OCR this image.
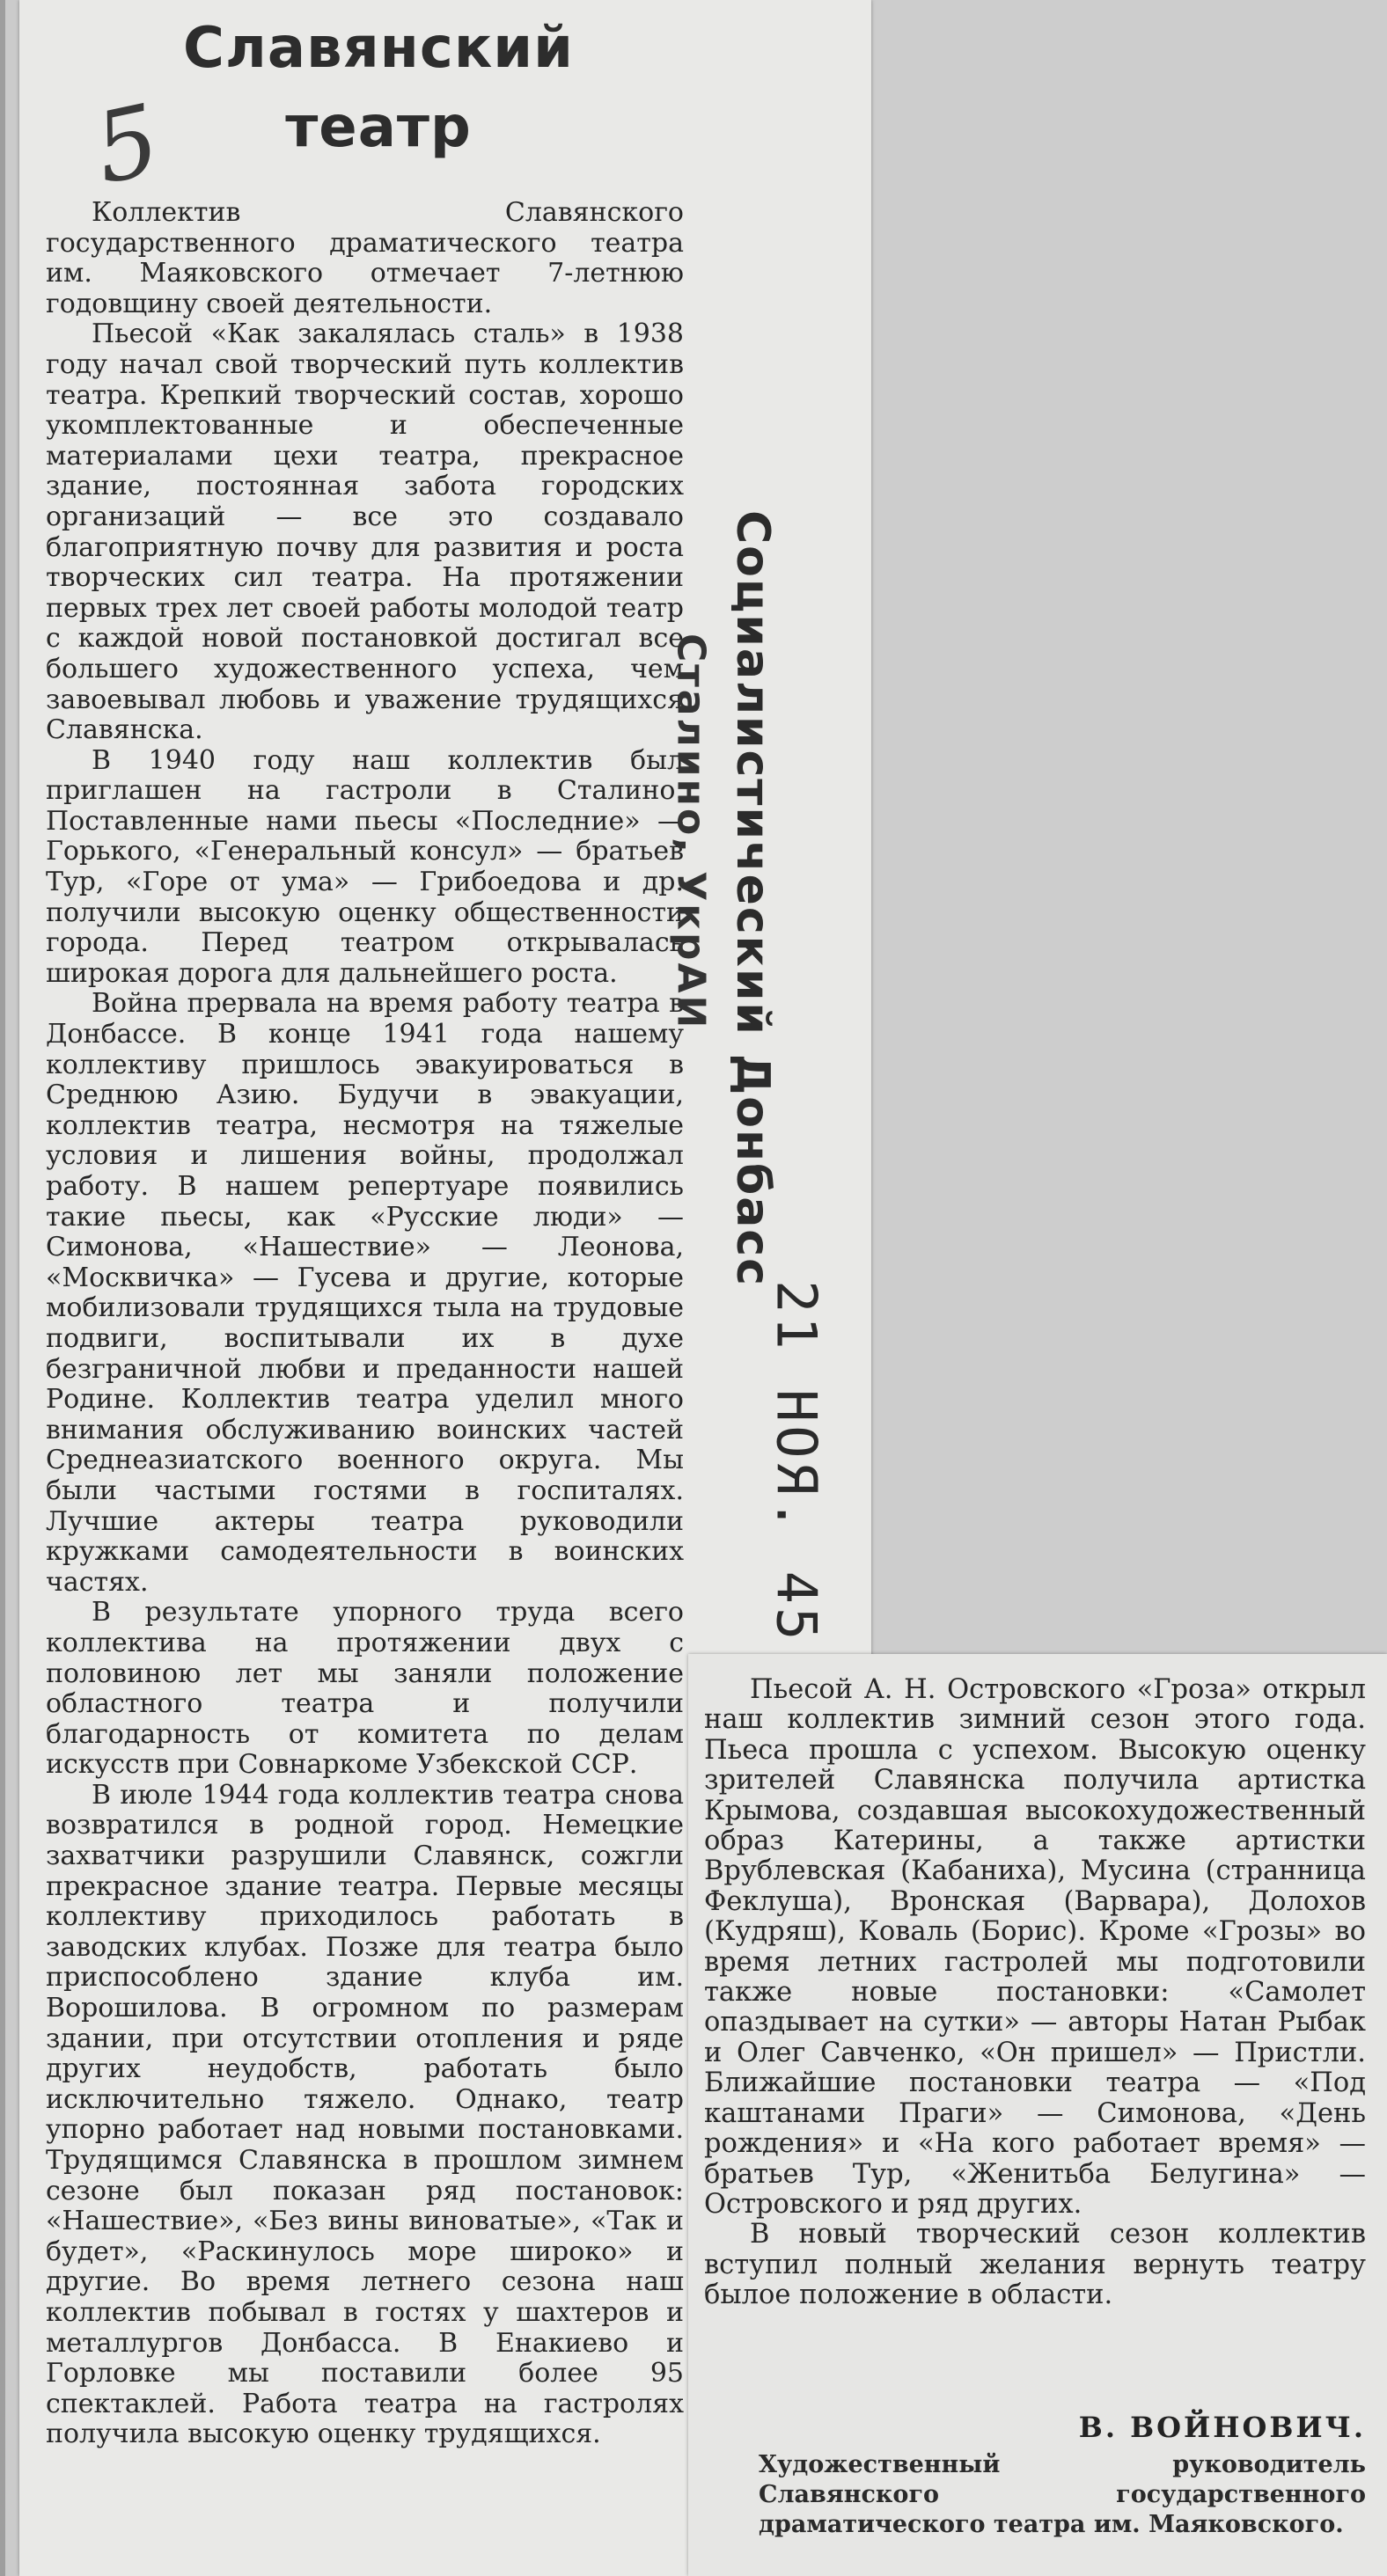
5
Славянский
театр

Коллектив Славянского государственного драматического театра им. Маяковского отмечает 7-летнюю годовщину своей деятельности.

Пьесой «Как закалялась сталь» в 1938 году начал свой творческий путь коллектив театра. Крепкий творческий состав, хорошо укомплектованные и обеспеченные материалами цехи театра, прекрасное здание, постоянная забота городских организаций — все это создавало благоприятную почву для развития и роста творческих сил театра. На протяжении первых трех лет своей работы молодой театр с каждой новой постановкой достигал все большего художественного успеха, чем завоевывал любовь и уважение трудящихся Славянска.

В 1940 году наш коллектив был приглашен на гастроли в Сталино. Поставленные нами пьесы «Последние» — Горького, «Генеральный консул» — братьев Тур, «Горе от ума» — Грибоедова и др. получили высокую оценку общественности города. Перед театром открывалась широкая дорога для дальнейшего роста.

Война прервала на время работу театра в Донбассе. В конце 1941 года нашему коллективу пришлось эвакуироваться в Среднюю Азию. Будучи в эвакуации, коллектив театра, несмотря на тяжелые условия и лишения войны, продолжал работу. В нашем репертуаре появились такие пьесы, как «Русские люди» — Симонова, «Нашествие» — Леонова, «Москвичка» — Гусева и другие, которые мобилизовали трудящихся тыла на трудовые подвиги, воспитывали их в духе безграничной любви и преданности нашей Родине. Коллектив театра уделил много внимания обслуживанию воинских частей Среднеазиатского военного округа. Мы были частыми гостями в госпиталях. Лучшие актеры театра руководили кружками самодеятельности в воинских частях.

В результате упорного труда всего коллектива на протяжении двух с половиною лет мы заняли положение областного театра и получили благодарность от комитета по делам искусств при Совнаркоме Узбекской ССР.

В июле 1944 года коллектив театра снова возвратился в родной город. Немецкие захватчики разрушили Славянск, сожгли прекрасное здание театра. Первые месяцы коллективу приходилось работать в заводских клубах. Позже для театра было приспособлено здание клуба им. Ворошилова. В огромном по размерам здании, при отсутствии отопления и ряде других неудобств, работать было исключительно тяжело. Однако, театр упорно работает над новыми постановками. Трудящимся Славянска в прошлом зимнем сезоне был показан ряд постановок: «Нашествие», «Без вины виноватые», «Так и будет», «Раскинулось море широко» и другие. Во время летнего сезона наш коллектив побывал в гостях у шахтеров и металлургов Донбасса. В Енакиево и Горловке мы поставили более 95 спектаклей. Работа театра на гастролях получила высокую оценку трудящихся.

Сталино, УкрАИ Социалистический Донбасс
21 НОЯ. 45

Пьесой А. Н. Островского «Гроза» открыл наш коллектив зимний сезон этого года. Пьеса прошла с успехом. Высокую оценку зрителей Славянска получила артистка Крымова, создавшая высокохудожественный образ Катерины, а также артистки Врублевская (Кабаниха), Мусина (странница Феклуша), Вронская (Варвара), Долохов (Кудряш), Коваль (Борис). Кроме «Грозы» во время летних гастролей мы подготовили также новые постановки: «Самолет опаздывает на сутки» — авторы Натан Рыбак и Олег Савченко, «Он пришел» — Пристли. Ближайшие постановки театра — «Под каштанами Праги» — Симонова, «День рождения» и «На кого работает время» — братьев Тур, «Женитьба Белугина» — Островского и ряд других.

В новый творческий сезон коллектив вступил полный желания вернуть театру былое положение в области.

В. ВОЙНОВИЧ.
Художественный руководитель Славянского государственного драматического театра им. Маяковского.
